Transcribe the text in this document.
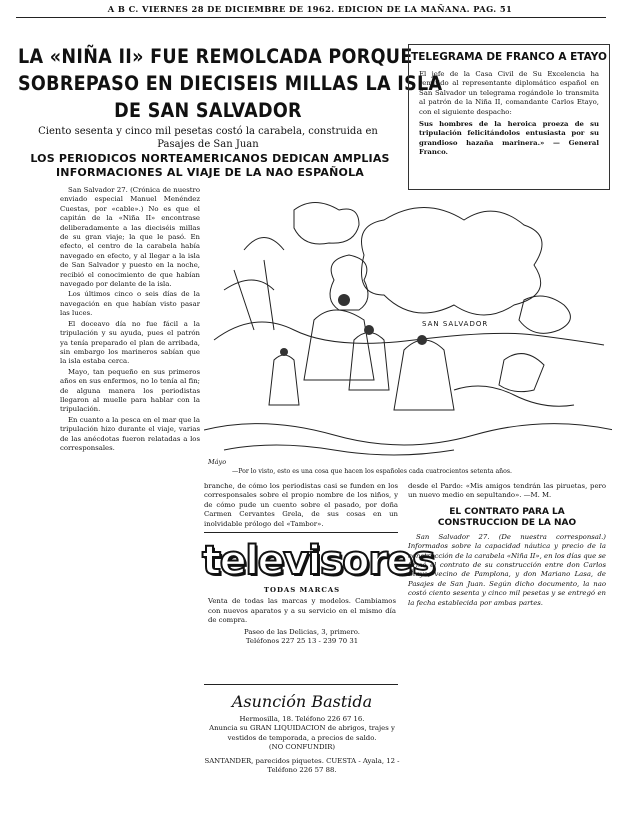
A B C. VIERNES 28 DE DICIEMBRE DE 1962. EDICION DE LA MAÑANA. PAG. 51
LA «NIÑA II» FUE REMOLCADA PORQUE
SOBREPASO EN DIECISEIS MILLAS LA ISLA
DE SAN SALVADOR
Ciento sesenta y cinco mil pesetas costó la carabela, construida en Pasajes de San Juan
LOS PERIODICOS NORTEAMERICANOS DEDICAN AMPLIAS INFORMACIONES AL VIAJE DE LA NAO ESPAÑOLA
TELEGRAMA DE FRANCO A ETAYO
El jefe de la Casa Civil de Su Excelencia ha remitido al representante diplomático español en San Salvador un telegrama rogándole lo transmita al patrón de la Niña II, comandante Carlos Etayo, con el siguiente despacho:
Sus hombres de la heroica proeza de su tripulación felicitándolos entusiasta por su grandioso hazaña marinera.» — General Franco.

San Salvador 27. (Crónica de nuestro enviado especial Manuel Menéndez Cuestas, por «cable».) No es que el capitán de la «Niña II» encontrase deliberadamente a las dieciséis millas de su gran viaje; la que le pasó. En efecto, el centro de la carabela había navegado en efecto, y al llegar a la isla de San Salvador y puesto en la noche, recibió el conocimiento de que habían navegado por delante de la isla.

Los últimos cinco o seis días de la navegación en que habían visto pasar las luces.

El doceavo día no fue fácil a la tripulación y su ayuda, pues el patrón ya tenía preparado el plan de arribada, sin embargo los marineros sabían que la isla estaba cerca.

Mayo, tan pequeño en sus primeros años en sus enfermos, no lo tenía al fin; de alguna manera los periodistas llegaron al muelle para hablar con la tripulación.

En cuanto a la pesca en el mar que la tripulación hizo durante el viaje, varias de las anécdotas fueron relatadas a los corresponsales.

SAN SALVADOR
Máyo
—Por lo visto, esto es una cosa que hacen los españoles cada cuatrocientos setenta años.
branche, de cómo los periodistas casi se funden en los corresponsales sobre el propio nombre de los niños, y de cómo pude un cuento sobre el pasado, por doña Carmen Cervantes Grela, de sus cosas en un inolvidable prólogo del «Tambor».
televisores
TODAS MARCAS
Venta de todas las marcas y modelos. Cambiamos con nuevos aparatos y a su servicio en el mismo día de compra.
Paseo de las Delicias, 3, primero.
Teléfonos 227 25 13 - 239 70 31
Asunción Bastida
Hermosilla, 18. Teléfono 226 67 16.
Anuncia su GRAN LIQUIDACION de abrigos, trajes y vestidos de temporada, a precios de saldo.
(NO CONFUNDIR)
SANTANDER, parecidos piquetes. CUESTA - Ayala, 12 - Teléfono 226 57 88.
desde el Pardo: «Mis amigos tendrán las piruetas, pero un nuevo medio en sepultando». —M. M.
EL CONTRATO PARA LA CONSTRUCCION DE LA NAO
San Salvador 27. (De nuestra corresponsal.) Informados sobre la capacidad náutica y precio de la construcción de la carabela «Niña II», en los días que se firmó el contrato de su construcción entre don Carlos Etayo, vecino de Pamplona, y don Mariano Lasa, de Pasajes de San Juan. Según dicho documento, la nao costó ciento sesenta y cinco mil pesetas y se entregó en la fecha establecida por ambas partes.
